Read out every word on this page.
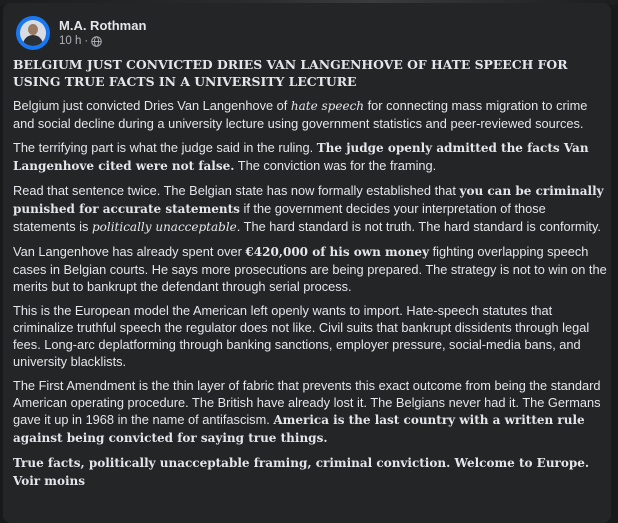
M.A. Rothman
10 h ·

BELGIUM JUST CONVICTED DRIES VAN LANGENHOVE OF HATE SPEECH FOR USING TRUE FACTS IN A UNIVERSITY LECTURE

Belgium just convicted Dries Van Langenhove of hate speech for connecting mass migration to crime and social decline during a university lecture using government statistics and peer-reviewed sources.

The terrifying part is what the judge said in the ruling. The judge openly admitted the facts Van Langenhove cited were not false. The conviction was for the framing.

Read that sentence twice. The Belgian state has now formally established that you can be criminally punished for accurate statements if the government decides your interpretation of those statements is politically unacceptable. The hard standard is not truth. The hard standard is conformity.

Van Langenhove has already spent over €420,000 of his own money fighting overlapping speech cases in Belgian courts. He says more prosecutions are being prepared. The strategy is not to win on the merits but to bankrupt the defendant through serial process.

This is the European model the American left openly wants to import. Hate-speech statutes that criminalize truthful speech the regulator does not like. Civil suits that bankrupt dissidents through legal fees. Long-arc deplatforming through banking sanctions, employer pressure, social-media bans, and university blacklists.

The First Amendment is the thin layer of fabric that prevents this exact outcome from being the standard American operating procedure. The British have already lost it. The Belgians never had it. The Germans gave it up in 1968 in the name of antifascism. America is the last country with a written rule against being convicted for saying true things.

True facts, politically unacceptable framing, criminal conviction. Welcome to Europe. Voir moins
